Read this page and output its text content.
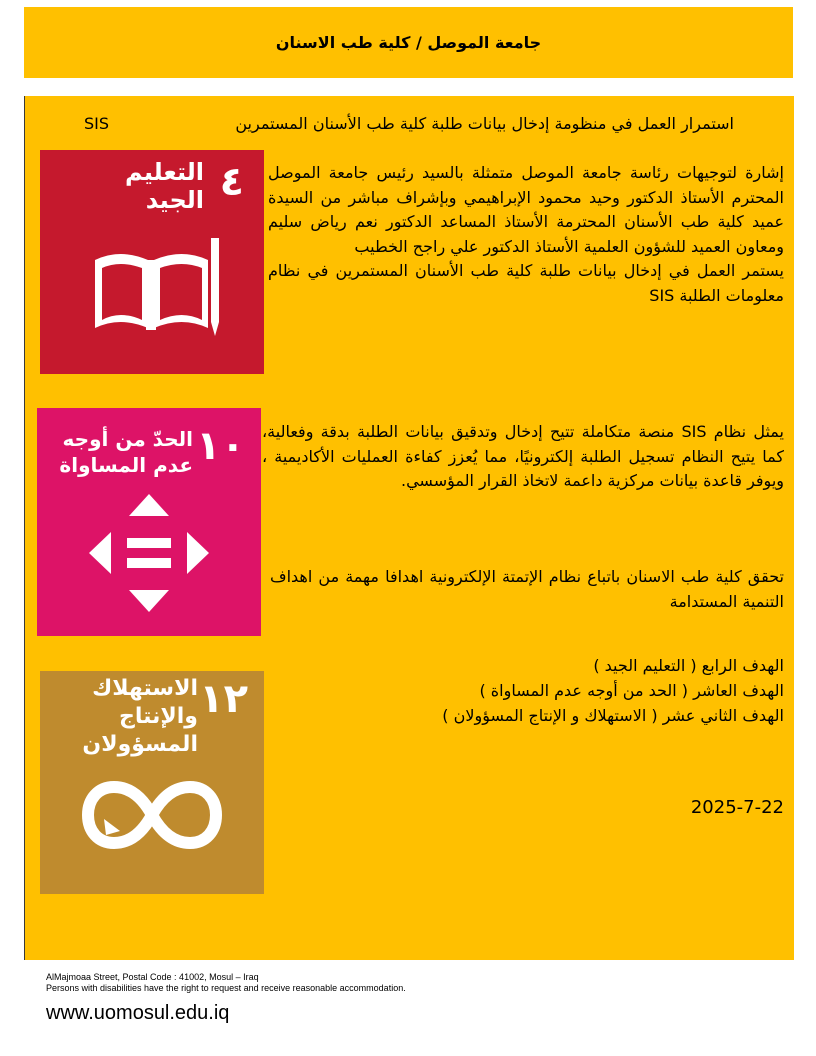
جامعة الموصل / كلية طب الاسنان
SIS	استمرار العمل في منظومة إدخال بيانات طلبة كلية طب الأسنان المستمرين
إشارة لتوجيهات رئاسة جامعة الموصل متمثلة بالسيد رئيس جامعة الموصل المحترم الأستاذ الدكتور وحيد محمود الإبراهيمي وبإشراف مباشر من السيدة عميد كلية طب الأسنان المحترمة الأستاذ المساعد الدكتور نعم رياض سليم ومعاون العميد للشؤون العلمية الأستاذ الدكتور علي راجح الخطيب
يستمر العمل في إدخال بيانات طلبة كلية طب الأسنان المستمرين في نظام معلومات الطلبة SIS
يمثل نظام SIS منصة متكاملة تتيح إدخال وتدقيق بيانات الطلبة بدقة وفعالية، كما يتيح النظام تسجيل الطلبة إلكترونيًا، مما يُعزز كفاءة العمليات الأكاديمية ، ويوفر قاعدة بيانات مركزية داعمة لاتخاذ القرار المؤسسي.
تحقق كلية طب الاسنان باتباع نظام الإتمتة الإلكترونية اهدافا مهمة من اهداف التنمية المستدامة
الهدف الرابع ( التعليم الجيد )
الهدف العاشر ( الحد من أوجه عدم المساواة )
الهدف الثاني عشر ( الاستهلاك و الإنتاج المسؤولان )
2025-7-22
٤
التعليم
الجيد
١٠
الحدّ من أوجه
عدم المساواة
١٢
الاستهلاك
والإنتاج
المسؤولان
AlMajmoaa Street, Postal Code : 41002, Mosul – Iraq
Persons with disabilities have the right to request and receive reasonable accommodation.
www.uomosul.edu.iq
